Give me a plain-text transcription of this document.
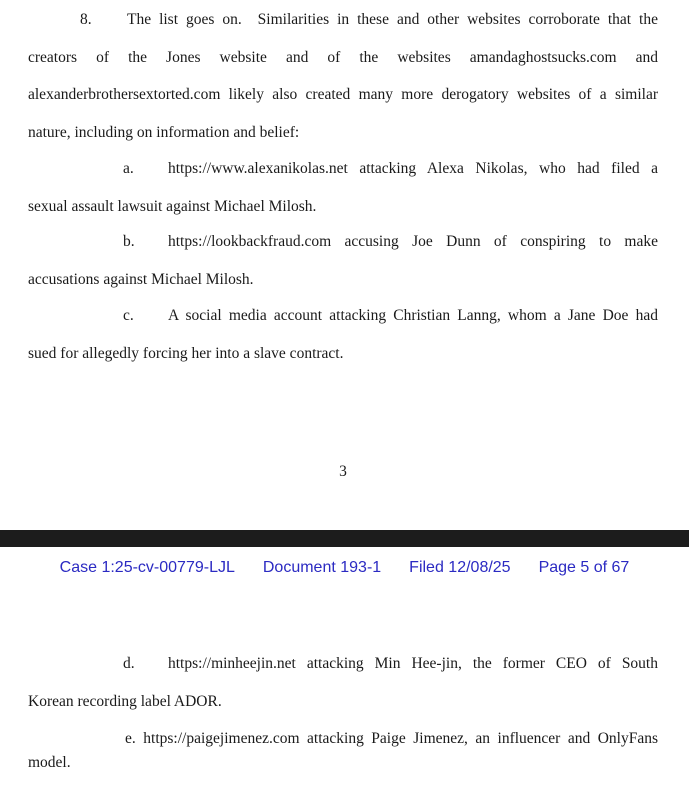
8. The list goes on.  Similarities in these and other websites corroborate that the
creators of the Jones website and of the websites amandaghostsucks.com and
alexanderbrothersextorted.com likely also created many more derogatory websites of a similar
nature, including on information and belief:
a. https://www.alexanikolas.net attacking Alexa Nikolas, who had filed a
sexual assault lawsuit against Michael Milosh.
b. https://lookbackfraud.com accusing Joe Dunn of conspiring to make
accusations against Michael Milosh.
c. A social media account attacking Christian Lanng, whom a Jane Doe had
sued for allegedly forcing her into a slave contract.
3
Case 1:25-cv-00779-LJL Document 193-1 Filed 12/08/25 Page 5 of 67
d. https://minheejin.net attacking Min Hee-jin, the former CEO of South
Korean recording label ADOR.
e. https://paigejimenez.com attacking Paige Jimenez, an influencer and OnlyFans
model.
